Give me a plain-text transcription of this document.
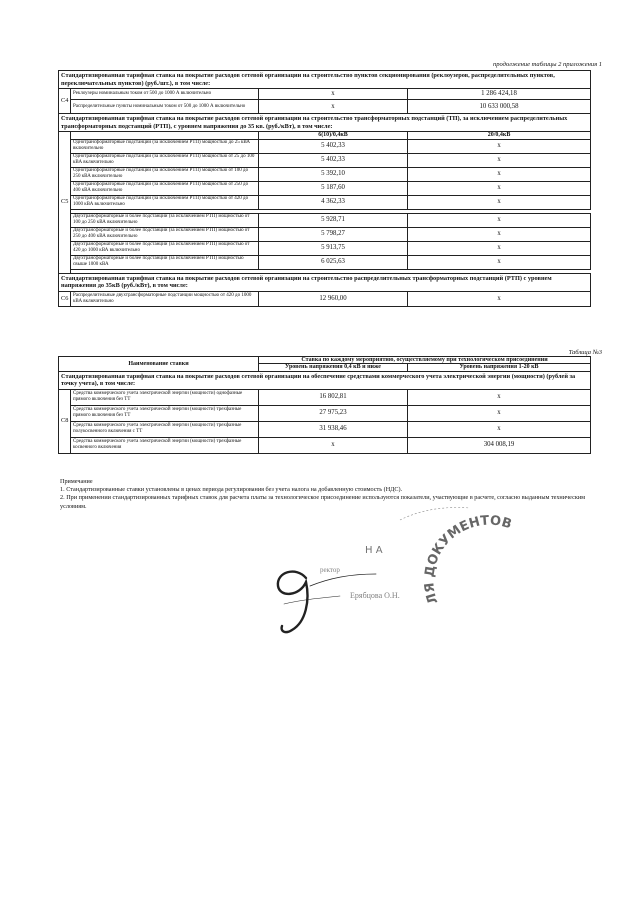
продолжение таблицы 2 приложения 1
Стандартизированная тарифная ставка на покрытие расходов сетевой организации на строительство пунктов секционирования (реклоузеров, распределительных пунктов, переключательных пунктов) (руб./шт.), в том числе:			
С4	Реклоузеры номинальным током от 500 до 1000 А включительно	х	1 286 424,18
	Распределительные пункты номинальным током от 500 до 1000 А включительно	х	10 633 000,58
Стандартизированная тарифная ставка на покрытие расходов сетевой организации на строительство трансформаторных подстанций (ТП), за исключением распределительных трансформаторных подстанций (РТП), с уровнем напряжения до 35 кв. (руб./кВт), в том числе:			
С5		6(10)/0,4кВ	20/0,4кВ
	Однотрансформаторные подстанции (за исключением РТП) мощностью до 25 кВА включительно	5 402,33	х
	Однотрансформаторные подстанции (за исключением РТП) мощностью от 25 до 100 кВА включительно	5 402,33	х
	Однотрансформаторные подстанции (за исключением РТП) мощностью от 100 до 250 кВА включительно	5 392,10	х
	Однотрансформаторные подстанции (за исключением РТП) мощностью от 250 до 400 кВА включительно	5 187,60	х
	Однотрансформаторные подстанции (за исключением РТП) мощностью от 420 до 1000 кВА включительно	4 362,33	х

	Двухтрансформаторные и более подстанции (за исключением РТП) мощностью от 100 до 250 кВА включительно	5 928,71	х
	Двухтрансформаторные и более подстанции (за исключением РТП) мощностью от 250 до 400 кВА включительно	5 798,27	х
	Двухтрансформаторные и более подстанции (за исключением РТП) мощностью от 420 до 1000 кВА включительно	5 913,75	х
	Двухтрансформаторные и более подстанции (за исключением РТП) мощностью свыше 1000 кВА	6 025,63	х

Стандартизированная тарифная ставка на покрытие расходов сетевой организации на строительство распределительных трансформаторных подстанций (РТП) с уровнем напряжения до 35кВ (руб./кВт), в том числе:			
С6	Распределительные двухтрансформаторные подстанции мощностью от 420 до 1000 кВА включительно	12 960,00	х
Таблица №3
Наименование ставки		Ставка по каждому мероприятию, осуществляемому при технологическом присоединении	
		Уровень напряжения 0,4 кВ и ниже	Уровень напряжения 1-20 кВ
Стандартизированная тарифная ставка на покрытие расходов сетевой организации на обеспечение средствами коммерческого учета электрической энергии (мощности) (рублей за точку учета), в том числе:			
С8	Средства коммерческого учета электрической энергии (мощности) однофазные прямого включения без ТТ	16 802,81	х
	Средства коммерческого учета электрической энергии (мощности) трехфазные прямого включения без ТТ	27 975,23	х
	Средства коммерческого учета электрической энергии (мощности) трехфазные полукосвенного включения с ТТ	31 938,46	х
	Средства коммерческого учета электрической энергии (мощности) трехфазные косвенного включения	х	304 008,19

Примечание

1. Стандартизированные ставки установлены в ценах периода регулирования без учета налога на добавленную стоимость (НДС).

2. При применении стандартизированных тарифных ставок для расчета платы за технологическое присоединение используются показатели, участвующие в расчете, согласно выданным техническим условиям.

ЛЯ ДОКУМЕНТОВ
Н А
ректор
Ерябцова О.Н.
